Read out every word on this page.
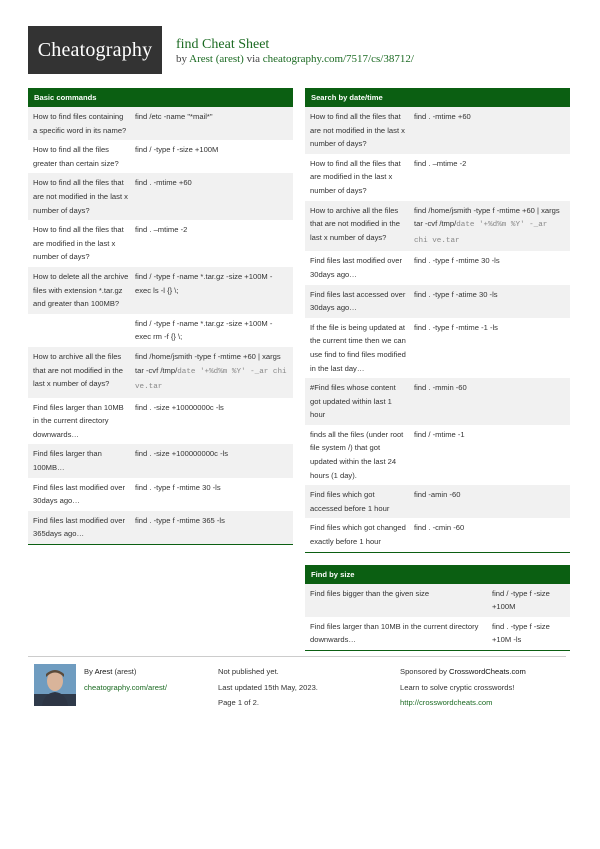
Cheatography	find Cheat Sheet
by Arest (arest) via cheatography.com/7517/cs/38712/
Basic commands
How to find files containing a specific word in its name?
find /etc -name "*mail*"
How to find all the files greater than certain size?
find / -type f -size +100M
How to find all the files that are not modified in the last x number of days?
find . -mtime +60
How to find all the files that are modified in the last x number of days?
find . –mtime -2
How to delete all the archive files with extension *.tar.gz and greater than 100MB?
find / -type f -name *.tar.gz -size +100M -exec ls -l {} \;
find / -type f -name *.tar.gz -size +100M -exec rm -f {} \;
How to archive all the files that are not modified in the last x number of days?
find /home/jsmith -type f -mtime +60 | xargs tar -cvf /tmp/date '+%d%m %Y' -_ar chi ve.tar
Find files larger than 10MB in the current directory downwards…
find . -size +10000000c -ls
Find files larger than 100MB…
find . -size +100000000c -ls
Find files last modified over 30days ago…
find . -type f -mtime 30 -ls
Find files last modified over 365days ago…
find . -type f -mtime 365 -ls
Search by date/time
How to find all the files that are not modified in the last x number of days?
find . -mtime +60
How to find all the files that are modified in the last x number of days?
find . –mtime -2
How to archive all the files that are not modified in the last x number of days?
find /home/jsmith -type f -mtime +60 | xargs tar -cvf /tmp/date '+%d%m %Y' -_ar chi ve.tar
Find files last modified over 30days ago…
find . -type f -mtime 30 -ls
Find files last accessed over 30days ago…
find . -type f -atime 30 -ls
If the file is being updated at the current time then we can use find to find files modified in the last day…
find . -type f -mtime -1 -ls
#Find files whose content got updated within last 1 hour
find . -mmin -60
finds all the files (under root file system /) that got updated within the last 24 hours (1 day).
find / -mtime -1
Find files which got accessed before 1 hour
find -amin -60
Find files which got changed exactly before 1 hour
find . -cmin -60
Find by size
Find files bigger than the given size	find / -type f -size +100M
Find files larger than 10MB in the current directory downwards…
find . -type f -size +10M -ls
By Arest (arest)
cheatography.com/arest/
Not published yet.
Last updated 15th May, 2023.
Page 1 of 2.
Sponsored by CrosswordCheats.com
Learn to solve cryptic crosswords!
http://crosswordcheats.com
